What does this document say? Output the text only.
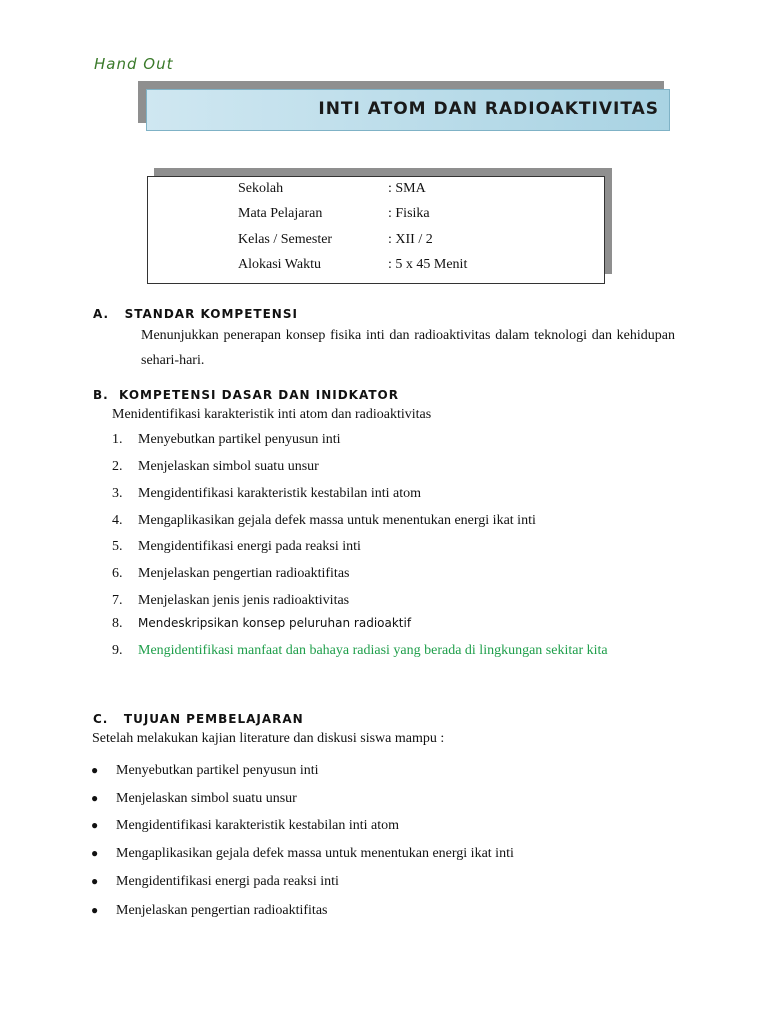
Hand Out
INTI ATOM DAN RADIOAKTIVITAS
Sekolah	: SMA
Mata Pelajaran	: Fisika
Kelas / Semester	: XII / 2
Alokasi Waktu	: 5 x 45 Menit
A.   STANDAR KOMPETENSI
Menunjukkan penerapan konsep fisika inti dan radioaktivitas dalam teknologi dan kehidupan sehari-hari.
B.  KOMPETENSI DASAR DAN INIDKATOR
Menidentifikasi karakteristik inti atom dan radioaktivitas
1. Menyebutkan partikel penyusun inti
2. Menjelaskan simbol suatu unsur
3. Mengidentifikasi karakteristik kestabilan inti atom
4. Mengaplikasikan gejala defek massa untuk menentukan energi ikat inti
5. Mengidentifikasi energi pada reaksi inti
6. Menjelaskan pengertian radioaktifitas
7. Menjelaskan jenis jenis radioaktivitas
8. Mendeskripsikan konsep peluruhan radioaktif
9. Mengidentifikasi manfaat dan bahaya radiasi yang berada di lingkungan sekitar kita
C.   TUJUAN PEMBELAJARAN
Setelah melakukan kajian literature dan diskusi siswa mampu :
● Menyebutkan partikel penyusun inti
● Menjelaskan simbol suatu unsur
● Mengidentifikasi karakteristik kestabilan inti atom
● Mengaplikasikan gejala defek massa untuk menentukan energi ikat inti
● Mengidentifikasi energi pada reaksi inti
● Menjelaskan pengertian radioaktifitas
